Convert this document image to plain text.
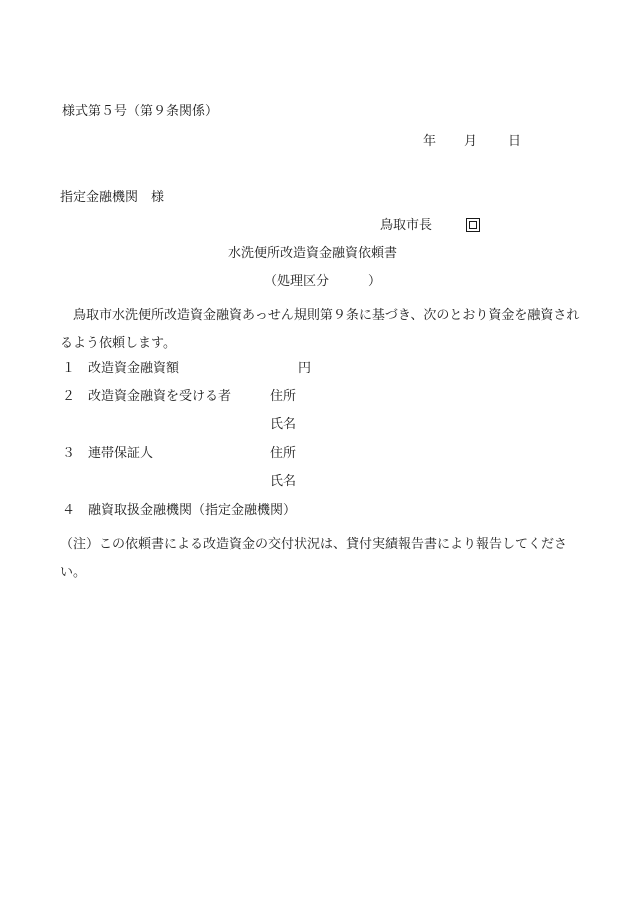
様式第５号（第９条関係）
年 月 日
指定金融機関　様
鳥取市長
水洗便所改造資金融資依頼書
（処理区分　　　）
鳥取市水洗便所改造資金融資あっせん規則第９条に基づき、次のとおり資金を融資されるよう依頼します。
１ 改造資金融資額	円
２ 改造資金融資を受ける者	住所
氏名
３ 連帯保証人	住所
氏名
４ 融資取扱金融機関（指定金融機関）
（注）この依頼書による改造資金の交付状況は、貸付実績報告書により報告してください。
